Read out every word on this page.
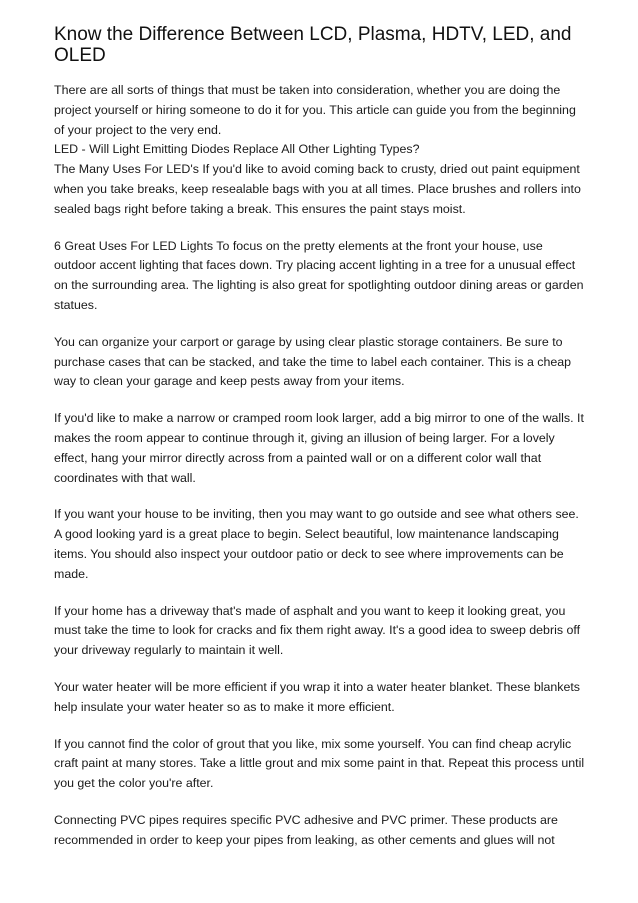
Know the Difference Between LCD, Plasma, HDTV, LED, and OLED

There are all sorts of things that must be taken into consideration, whether you are doing the project yourself or hiring someone to do it for you. This article can guide you from the beginning of your project to the very end.

LED - Will Light Emitting Diodes Replace All Other Lighting Types?

The Many Uses For LED's If you'd like to avoid coming back to crusty, dried out paint equipment when you take breaks, keep resealable bags with you at all times. Place brushes and rollers into sealed bags right before taking a break. This ensures the paint stays moist.

6 Great Uses For LED Lights To focus on the pretty elements at the front your house, use outdoor accent lighting that faces down. Try placing accent lighting in a tree for a unusual effect on the surrounding area. The lighting is also great for spotlighting outdoor dining areas or garden statues.

You can organize your carport or garage by using clear plastic storage containers. Be sure to purchase cases that can be stacked, and take the time to label each container. This is a cheap way to clean your garage and keep pests away from your items.

If you'd like to make a narrow or cramped room look larger, add a big mirror to one of the walls. It makes the room appear to continue through it, giving an illusion of being larger. For a lovely effect, hang your mirror directly across from a painted wall or on a different color wall that coordinates with that wall.

If you want your house to be inviting, then you may want to go outside and see what others see. A good looking yard is a great place to begin. Select beautiful, low maintenance landscaping items. You should also inspect your outdoor patio or deck to see where improvements can be made.

If your home has a driveway that's made of asphalt and you want to keep it looking great, you must take the time to look for cracks and fix them right away. It's a good idea to sweep debris off your driveway regularly to maintain it well.

Your water heater will be more efficient if you wrap it into a water heater blanket. These blankets help insulate your water heater so as to make it more efficient.

If you cannot find the color of grout that you like, mix some yourself. You can find cheap acrylic craft paint at many stores. Take a little grout and mix some paint in that. Repeat this process until you get the color you're after.

Connecting PVC pipes requires specific PVC adhesive and PVC primer. These products are recommended in order to keep your pipes from leaking, as other cements and glues will not
